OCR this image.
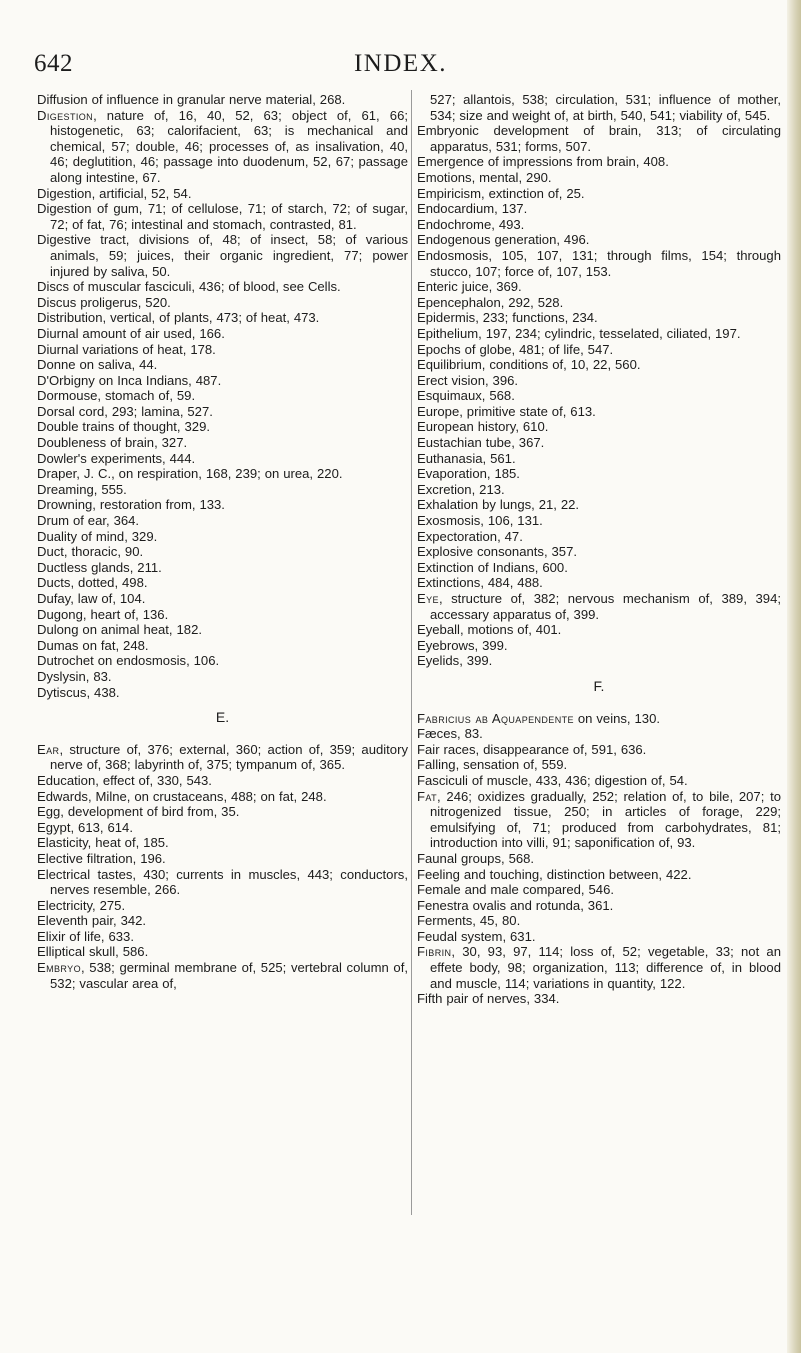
642	INDEX.

Diffusion of influence in granular nerve material, 268.

Digestion, nature of, 16, 40, 52, 63; object of, 61, 66; histogenetic, 63; calorifacient, 63; is mechanical and chemical, 57; double, 46; processes of, as insalivation, 40, 46; deglutition, 46; passage into duodenum, 52, 67; passage along intestine, 67.

Digestion, artificial, 52, 54.

Digestion of gum, 71; of cellulose, 71; of starch, 72; of sugar, 72; of fat, 76; intestinal and stomach, contrasted, 81.

Digestive tract, divisions of, 48; of insect, 58; of various animals, 59; juices, their organic ingredient, 77; power injured by saliva, 50.

Discs of muscular fasciculi, 436; of blood, see Cells.

Discus proligerus, 520.

Distribution, vertical, of plants, 473; of heat, 473.

Diurnal amount of air used, 166.

Diurnal variations of heat, 178.

Donne on saliva, 44.

D'Orbigny on Inca Indians, 487.

Dormouse, stomach of, 59.

Dorsal cord, 293; lamina, 527.

Double trains of thought, 329.

Doubleness of brain, 327.

Dowler's experiments, 444.

Draper, J. C., on respiration, 168, 239; on urea, 220.

Dreaming, 555.

Drowning, restoration from, 133.

Drum of ear, 364.

Duality of mind, 329.

Duct, thoracic, 90.

Ductless glands, 211.

Ducts, dotted, 498.

Dufay, law of, 104.

Dugong, heart of, 136.

Dulong on animal heat, 182.

Dumas on fat, 248.

Dutrochet on endosmosis, 106.

Dyslysin, 83.

Dytiscus, 438.

E.

Ear, structure of, 376; external, 360; action of, 359; auditory nerve of, 368; labyrinth of, 375; tympanum of, 365.

Education, effect of, 330, 543.

Edwards, Milne, on crustaceans, 488; on fat, 248.

Egg, development of bird from, 35.

Egypt, 613, 614.

Elasticity, heat of, 185.

Elective filtration, 196.

Electrical tastes, 430; currents in muscles, 443; conductors, nerves resemble, 266.

Electricity, 275.

Eleventh pair, 342.

Elixir of life, 633.

Elliptical skull, 586.

Embryo, 538; germinal membrane of, 525; vertebral column of, 532; vascular area of,

527; allantois, 538; circulation, 531; influence of mother, 534; size and weight of, at birth, 540, 541; viability of, 545.

Embryonic development of brain, 313; of circulating apparatus, 531; forms, 507.

Emergence of impressions from brain, 408.

Emotions, mental, 290.

Empiricism, extinction of, 25.

Endocardium, 137.

Endochrome, 493.

Endogenous generation, 496.

Endosmosis, 105, 107, 131; through films, 154; through stucco, 107; force of, 107, 153.

Enteric juice, 369.

Epencephalon, 292, 528.

Epidermis, 233; functions, 234.

Epithelium, 197, 234; cylindric, tesselated, ciliated, 197.

Epochs of globe, 481; of life, 547.

Equilibrium, conditions of, 10, 22, 560.

Erect vision, 396.

Esquimaux, 568.

Europe, primitive state of, 613.

European history, 610.

Eustachian tube, 367.

Euthanasia, 561.

Evaporation, 185.

Excretion, 213.

Exhalation by lungs, 21, 22.

Exosmosis, 106, 131.

Expectoration, 47.

Explosive consonants, 357.

Extinction of Indians, 600.

Extinctions, 484, 488.

Eye, structure of, 382; nervous mechanism of, 389, 394; accessary apparatus of, 399.

Eyeball, motions of, 401.

Eyebrows, 399.

Eyelids, 399.

F.

Fabricius ab Aquapendente on veins, 130.

Fæces, 83.

Fair races, disappearance of, 591, 636.

Falling, sensation of, 559.

Fasciculi of muscle, 433, 436; digestion of, 54.

Fat, 246; oxidizes gradually, 252; relation of, to bile, 207; to nitrogenized tissue, 250; in articles of forage, 229; emulsifying of, 71; produced from carbohydrates, 81; introduction into villi, 91; saponification of, 93.

Faunal groups, 568.

Feeling and touching, distinction between, 422.

Female and male compared, 546.

Fenestra ovalis and rotunda, 361.

Ferments, 45, 80.

Feudal system, 631.

Fibrin, 30, 93, 97, 114; loss of, 52; vegetable, 33; not an effete body, 98; organization, 113; difference of, in blood and muscle, 114; variations in quantity, 122.

Fifth pair of nerves, 334.
